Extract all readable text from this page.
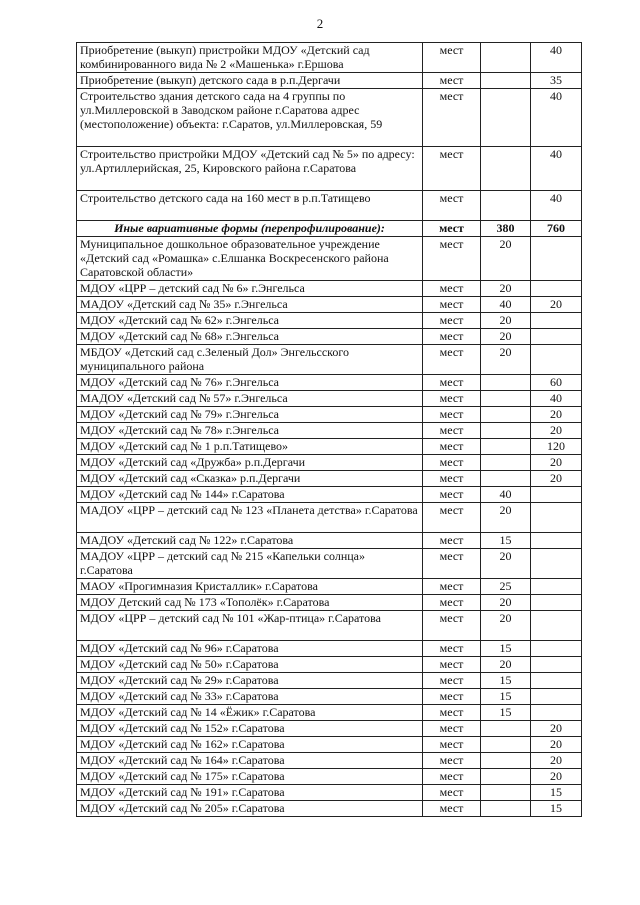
2
Приобретение (выкуп) пристройки МДОУ «Детский сад комбинированного вида № 2 «Машенька» г.Ершова	мест		40
Приобретение (выкуп) детского сада в р.п.Дергачи	мест		35
Строительство здания детского сада на 4 группы по ул.Миллеровской в Заводском районе г.Саратова адрес (местоположение) объекта: г.Саратов, ул.Миллеровская, 59	мест		40
Строительство пристройки МДОУ «Детский сад № 5» по адресу: ул.Артиллерийская, 25, Кировского района г.Саратова	мест		40
Строительство детского сада на 160 мест в р.п.Татищево	мест		40
Иные вариативные формы (перепрофилирование):	мест	380	760
Муниципальное дошкольное образовательное учреждение «Детский сад «Ромашка» с.Елшанка Воскресенского района Саратовской области»	мест	20	
МДОУ «ЦРР – детский сад № 6» г.Энгельса	мест	20	
МАДОУ «Детский сад № 35» г.Энгельса	мест	40	20
МДОУ «Детский сад № 62» г.Энгельса	мест	20	
МДОУ «Детский сад № 68» г.Энгельса	мест	20	
МБДОУ «Детский сад с.Зеленый Дол» Энгельсского муниципального района	мест	20	
МДОУ «Детский сад № 76» г.Энгельса	мест		60
МАДОУ «Детский сад № 57» г.Энгельса	мест		40
МДОУ «Детский сад № 79» г.Энгельса	мест		20
МДОУ «Детский сад № 78» г.Энгельса	мест		20
МДОУ «Детский сад № 1 р.п.Татищево»	мест		120
МДОУ «Детский сад «Дружба» р.п.Дергачи	мест		20
МДОУ «Детский сад «Сказка» р.п.Дергачи	мест		20
МДОУ «Детский сад № 144» г.Саратова	мест	40	
МАДОУ «ЦРР – детский сад № 123 «Планета детства» г.Саратова	мест	20	
МАДОУ «Детский сад № 122» г.Саратова	мест	15	
МАДОУ «ЦРР – детский сад № 215 «Капельки солнца» г.Саратова	мест	20	
МАОУ «Прогимназия Кристаллик» г.Саратова	мест	25	
МДОУ Детский сад № 173 «Тополёк» г.Саратова	мест	20	
МДОУ «ЦРР – детский сад № 101 «Жар-птица» г.Саратова	мест	20	
МДОУ «Детский сад № 96» г.Саратова	мест	15	
МДОУ «Детский сад № 50» г.Саратова	мест	20	
МДОУ «Детский сад № 29» г.Саратова	мест	15	
МДОУ «Детский сад № 33» г.Саратова	мест	15	
МДОУ «Детский сад № 14 «Ёжик» г.Саратова	мест	15	
МДОУ «Детский сад № 152» г.Саратова	мест		20
МДОУ «Детский сад № 162» г.Саратова	мест		20
МДОУ «Детский сад № 164» г.Саратова	мест		20
МДОУ «Детский сад № 175» г.Саратова	мест		20
МДОУ «Детский сад № 191» г.Саратова	мест		15
МДОУ «Детский сад № 205» г.Саратова	мест		15
